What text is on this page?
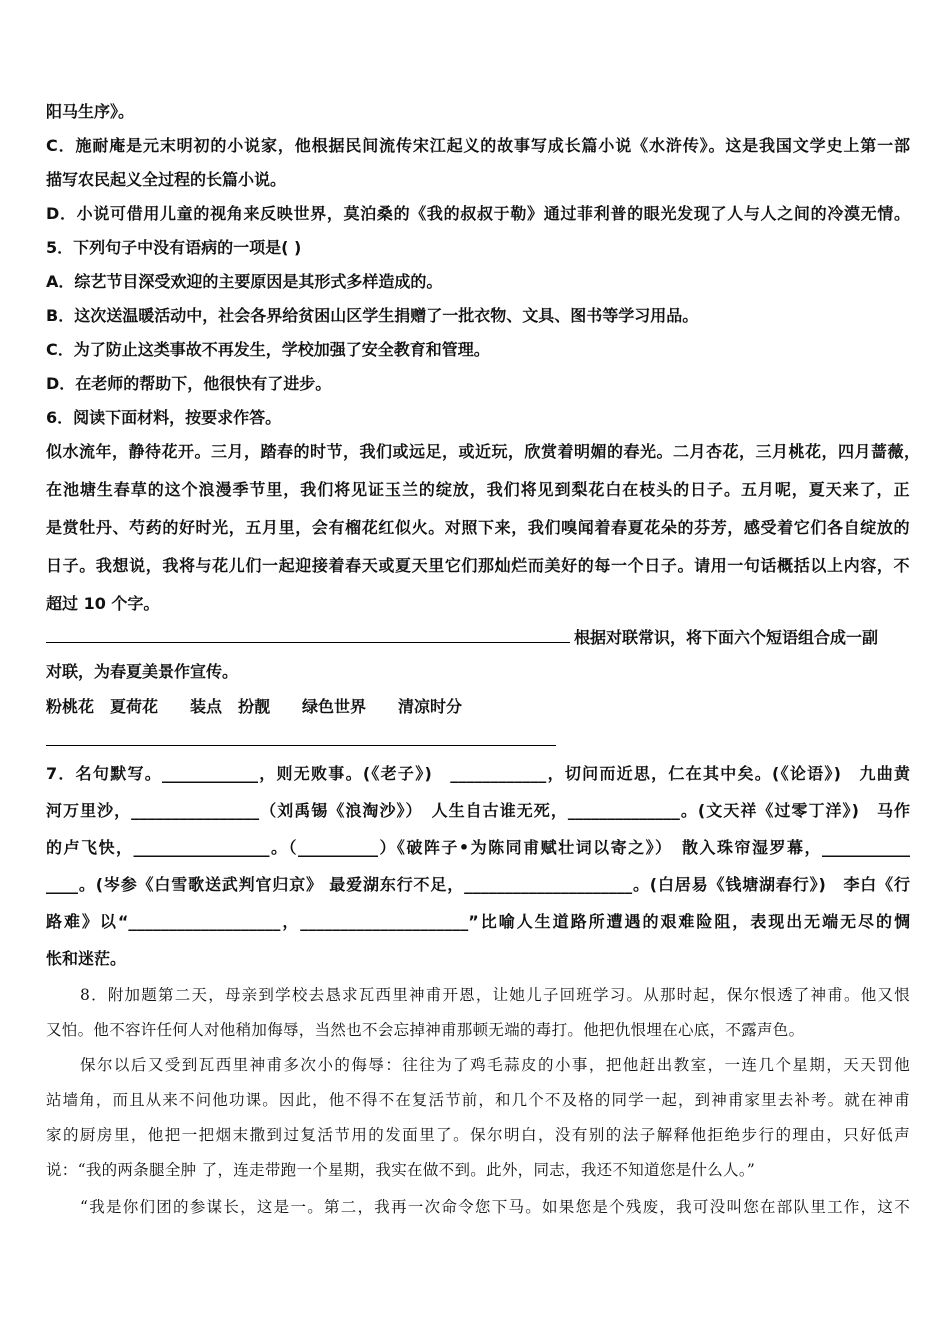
阳马生序》。
C．施耐庵是元末明初的小说家，他根据民间流传宋江起义的故事写成长篇小说《水浒传》。这是我国文学史上第一部
描写农民起义全过程的长篇小说。
D．小说可借用儿童的视角来反映世界，莫泊桑的《我的叔叔于勒》通过菲利普的眼光发现了人与人之间的冷漠无情。
5．下列句子中没有语病的一项是( )
A．综艺节目深受欢迎的主要原因是其形式多样造成的。
B．这次送温暖活动中，社会各界给贫困山区学生捐赠了一批衣物、文具、图书等学习用品。
C．为了防止这类事故不再发生，学校加强了安全教育和管理。
D．在老师的帮助下，他很快有了进步。
6．阅读下面材料，按要求作答。
似水流年，静待花开。三月，踏春的时节，我们或远足，或近玩，欣赏着明媚的春光。二月杏花，三月桃花，四月蔷薇，
在池塘生春草的这个浪漫季节里，我们将见证玉兰的绽放，我们将见到梨花白在枝头的日子。五月呢，夏天来了，正
是赏牡丹、芍药的好时光，五月里，会有榴花红似火。对照下来，我们嗅闻着春夏花朵的芬芳，感受着它们各自绽放的
日子。我想说，我将与花儿们一起迎接着春天或夏天里它们那灿烂而美好的每一个日子。请用一句话概括以上内容，不
超过 10 个字。
根据对联常识，将下面六个短语组合成一副
对联，为春夏美景作宣传。
粉桃花　夏荷花　　装点　扮靓　　绿色世界　　清凉时分
7．名句默写。____________，则无败事。(《老子》)　____________，切问而近思，仁在其中矣。(《论语》)　九曲黄
河万里沙，________________（刘禹锡《浪淘沙》）　人生自古谁无死，______________。(文天祥《过零丁洋》)　马作
的卢飞快，_________________。（__________）《破阵子•为陈同甫赋壮词以寄之》）　散入珠帘湿罗幕，___________
____。(岑参《白雪歌送武判官归京》 最爱湖东行不足，_____________________。(白居易《钱塘湖春行》)　李白《行
路难》以“___________________，_____________________”比喻人生道路所遭遇的艰难险阻，表现出无端无尽的惆
怅和迷茫。
8．附加题第二天，母亲到学校去恳求瓦西里神甫开恩，让她儿子回班学习。从那时起，保尔恨透了神甫。他又恨
又怕。他不容许任何人对他稍加侮辱，当然也不会忘掉神甫那顿无端的毒打。他把仇恨埋在心底，不露声色。
保尔以后又受到瓦西里神甫多次小的侮辱：往往为了鸡毛蒜皮的小事，把他赶出教室，一连几个星期，天天罚他
站墙角，而且从来不问他功课。因此，他不得不在复活节前，和几个不及格的同学一起，到神甫家里去补考。就在神甫
家的厨房里，他把一把烟末撒到过复活节用的发面里了。保尔明白，没有别的法子解释他拒绝步行的理由，只好低声
说：“我的两条腿全肿 了，连走带跑一个星期，我实在做不到。此外，同志，我还不知道您是什么人。”
“我是你们团的参谋长，这是一。第二，我再一次命令您下马。如果您是个残废，我可没叫您在部队里工作，这不
